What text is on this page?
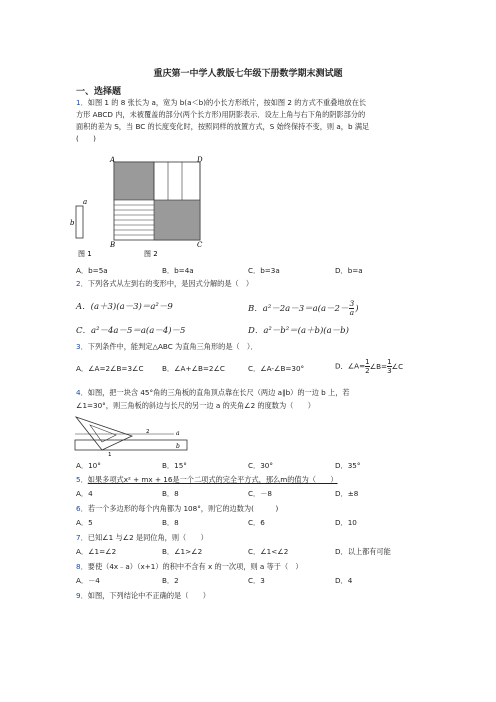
重庆第一中学人教版七年级下册数学期末测试题
一、选择题
1．如图 1 的 8 张长为 a，宽为 b(a＜b)的小长方形纸片，按如图 2 的方式不重叠地放在长
方形 ABCD 内，未被覆盖的部分(两个长方形)用阴影表示．设左上角与右下角的阴影部分的
面积的差为 S，当 BC 的长度变化时，按照同样的放置方式，S 始终保持不变，则 a，b 满足
(　　)
A	D
B	C
a
b
图 1	图 2
A．b=5a	B．b=4a	C．b=3a	D．b=a
2．下列各式从左到右的变形中，是因式分解的是（　）
A．(a＋3)(a－3)＝a²－9	B．$a^2-2a-3=a(a-2- \frac{3}{a}$ )
C．a²－4a－5＝a(a－4)－5	D．a²－b²＝(a＋b)(a－b)
3．下列条件中，能判定△ABC 为直角三角形的是（　）．
A．∠A=2∠B=3∠C	B．∠A+∠B=2∠C	C．∠A-∠B=30°	D．∠A= $\frac{1}{2}$ ∠B= $\frac{1}{3}$ ∠C
4．如图，把一块含 45°角的三角板的直角顶点靠在长尺（两边 a∥b）的一边 b 上，若
∠1=30°，则三角板的斜边与长尺的另一边 a 的夹角∠2 的度数为（　　）
a
b
1
2
A．10°	B．15°	C．30°	D．35°
5．如果多项式x² + mx + 16是一个二项式的完全平方式，那么m的值为（　　）
A．4	B．8	C．－8	D．±8
6．若一个多边形的每个内角都为 108°，则它的边数为(　　　)
A．5	B．8	C．6	D．10
7．已知∠1 与∠2 是同位角，则（　　）
A．∠1=∠2	B．∠1>∠2	C．∠1<∠2	D．以上都有可能
8．要使（4x﹣a）（x+1）的积中不含有 x 的一次项，则 a 等于（　）
A．－4	B．2	C．3	D．4
9．如图，下列结论中不正确的是（　　）
